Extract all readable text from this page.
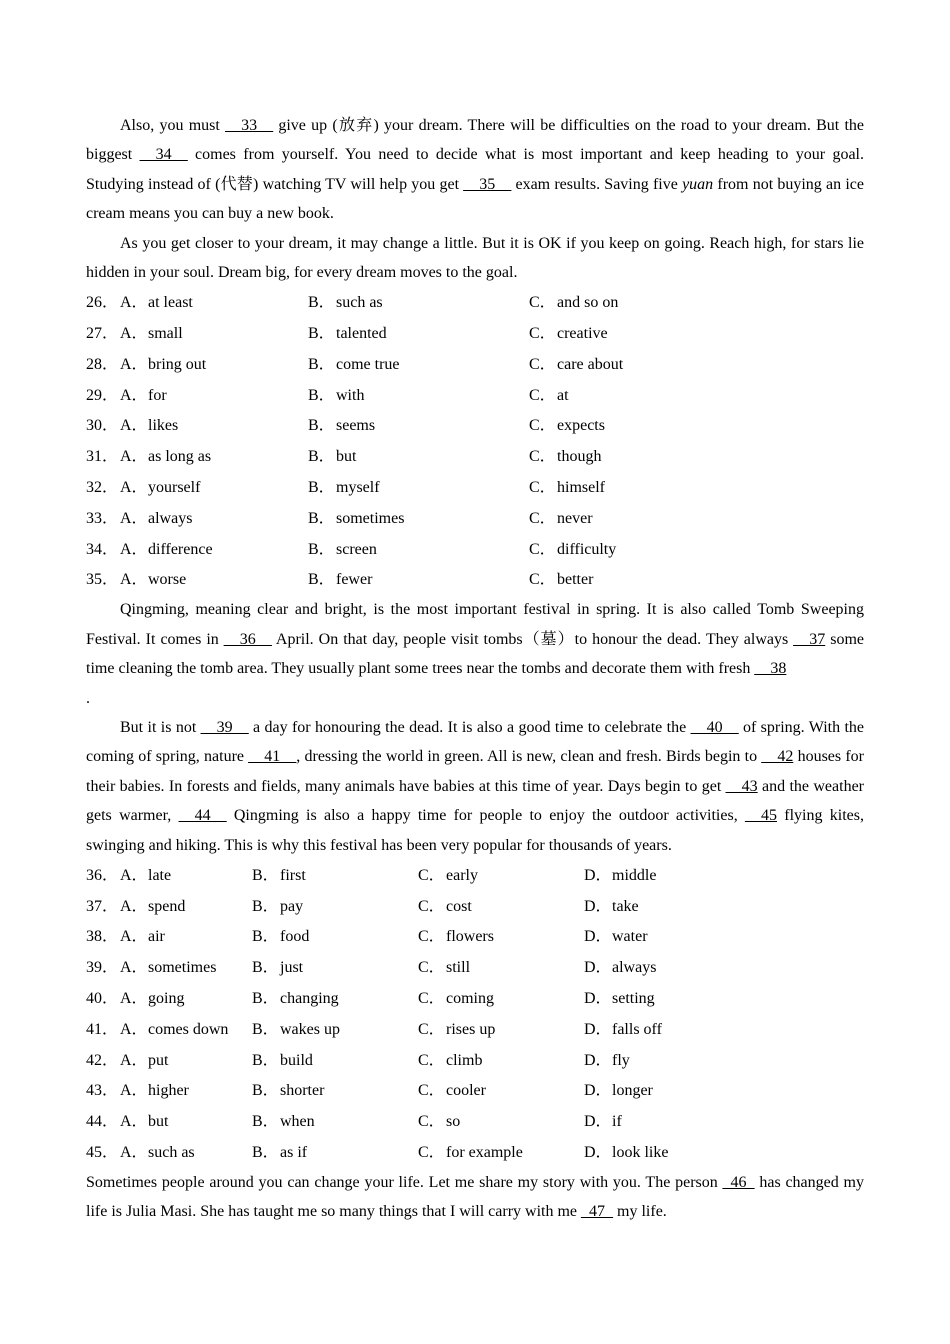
Also, you must __33__ give up (放弃) your dream. There will be difficulties on the road to your dream. But the biggest __34__ comes from yourself. You need to decide what is most important and keep heading to your goal. Studying instead of (代替) watching TV will help you get __35__ exam results. Saving five yuan from not buying an ice cream means you can buy a new book.

As you get closer to your dream, it may change a little. But it is OK if you keep on going. Reach high, for stars lie hidden in your soul. Dream big, for every dream moves to the goal.

26． A．at least	B．such as	C．and so on
27． A．small	B．talented	C．creative
28． A．bring out	B．come true	C．care about
29． A．for	B．with	C．at
30． A．likes	B．seems	C．expects
31． A．as long as	B．but	C．though
32． A．yourself	B．myself	C．himself
33． A．always	B．sometimes	C．never
34． A．difference	B．screen	C．difficulty
35． A．worse	B．fewer	C．better

Qingming, meaning clear and bright, is the most important festival in spring. It is also called Tomb Sweeping Festival. It comes in __36__ April. On that day, people visit tombs（墓）to honour the dead. They always __37 some time cleaning the tomb area. They usually plant some trees near the tombs and decorate them with fresh __38

.

But it is not __39__ a day for honouring the dead. It is also a good time to celebrate the __40__ of spring. With the coming of spring, nature __41__, dressing the world in green. All is new, clean and fresh. Birds begin to __42 houses for their babies. In forests and fields, many animals have babies at this time of year. Days begin to get __43 and the weather gets warmer, __44__ Qingming is also a happy time for people to enjoy the outdoor activities, __45 flying kites, swinging and hiking. This is why this festival has been very popular for thousands of years.

36． A．late	B．first	C．early	D．middle
37． A．spend	B．pay	C．cost	D．take
38． A．air	B．food	C．flowers	D．water
39． A．sometimes	B．just	C．still	D．always
40． A．going	B．changing	C．coming	D．setting
41． A．comes down	B．wakes up	C．rises up	D．falls off
42． A．put	B．build	C．climb	D．fly
43． A．higher	B．shorter	C．cooler	D．longer
44． A．but	B．when	C．so	D．if
45． A．such as	B．as if	C．for example	D．look like

Sometimes people around you can change your life. Let me share my story with you. The person _46_ has changed my life is Julia Masi. She has taught me so many things that I will carry with me _47_ my life.
